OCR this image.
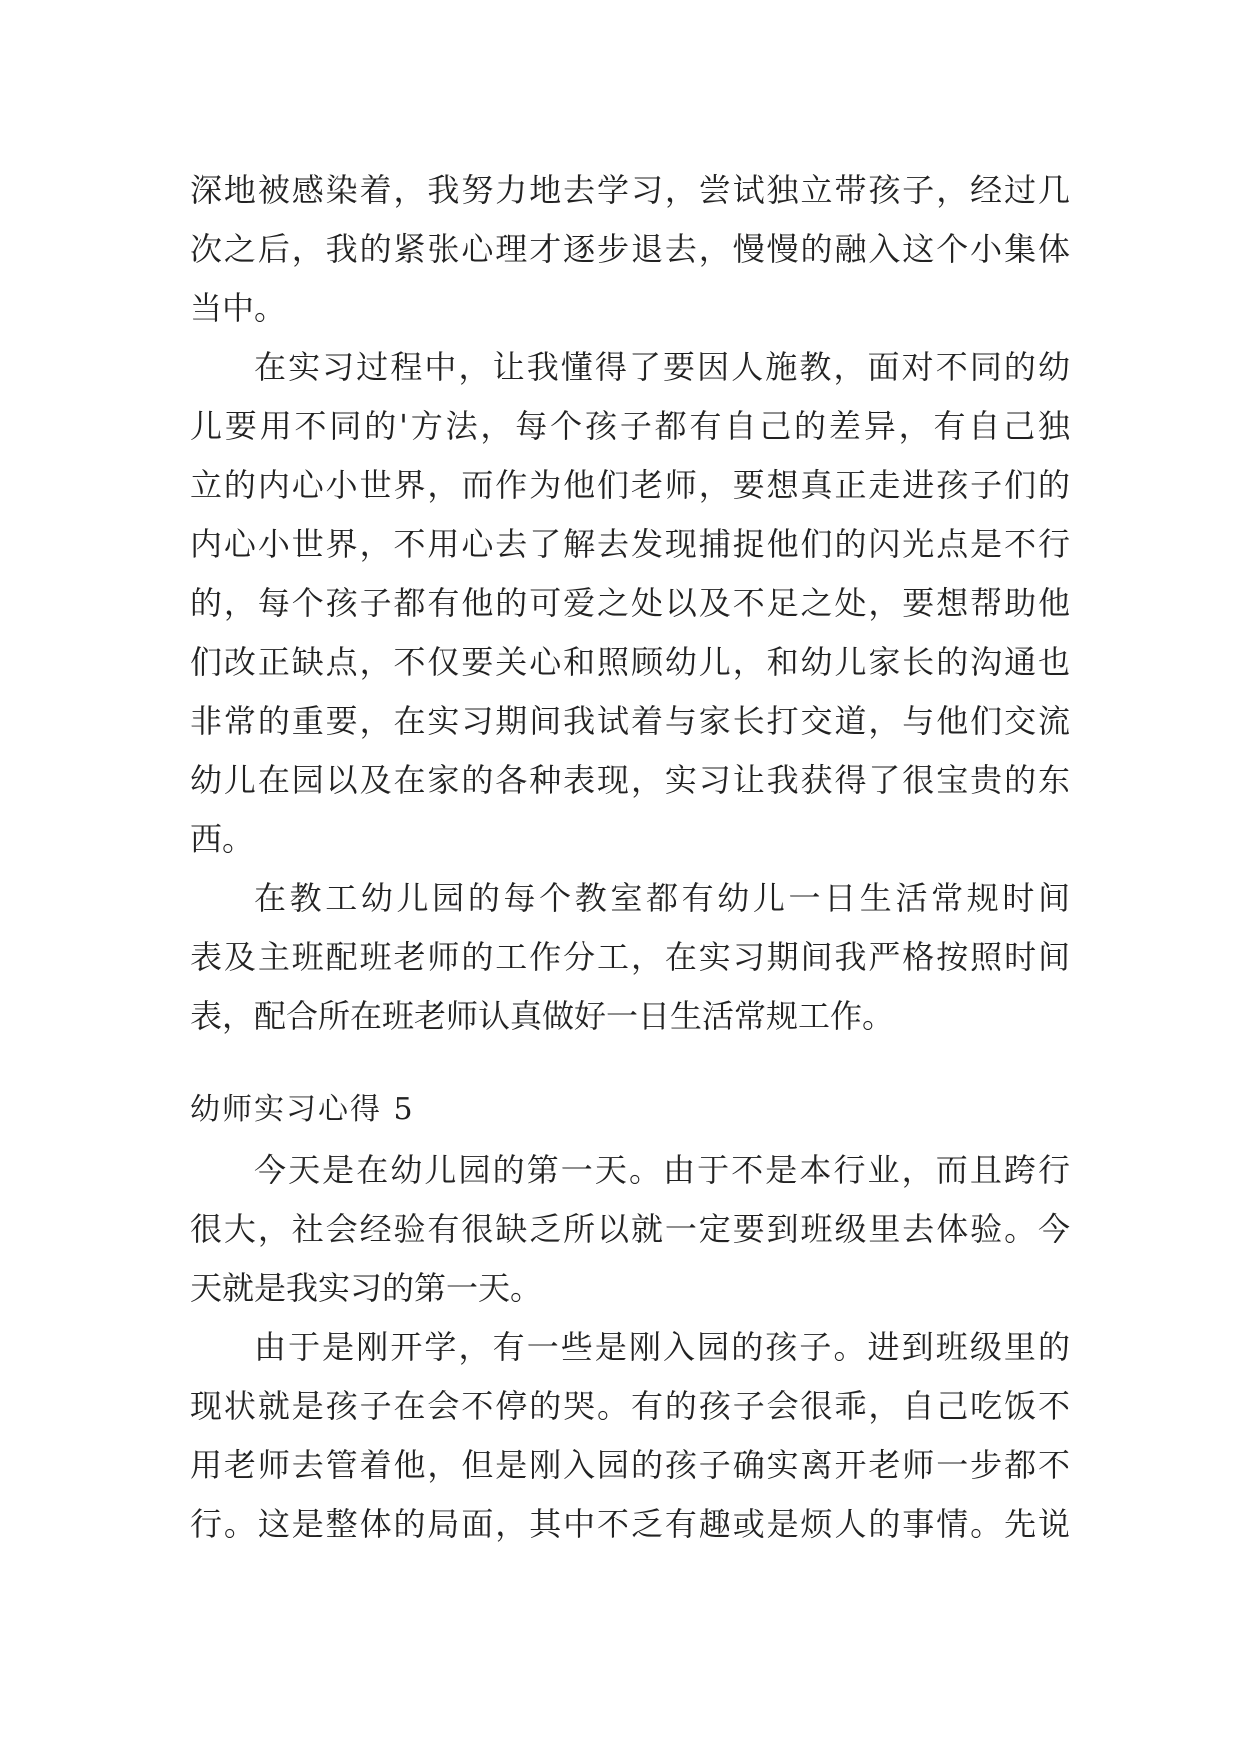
深地被感染着，我努力地去学习，尝试独立带孩子，经过几
次之后，我的紧张心理才逐步退去，慢慢的融入这个小集体
当中。
在实习过程中，让我懂得了要因人施教，面对不同的幼
儿要用不同的'方法，每个孩子都有自己的差异，有自己独
立的内心小世界，而作为他们老师，要想真正走进孩子们的
内心小世界，不用心去了解去发现捕捉他们的闪光点是不行
的，每个孩子都有他的可爱之处以及不足之处，要想帮助他
们改正缺点，不仅要关心和照顾幼儿，和幼儿家长的沟通也
非常的重要，在实习期间我试着与家长打交道，与他们交流
幼儿在园以及在家的各种表现，实习让我获得了很宝贵的东
西。
在教工幼儿园的每个教室都有幼儿一日生活常规时间
表及主班配班老师的工作分工，在实习期间我严格按照时间
表，配合所在班老师认真做好一日生活常规工作。
幼师实习心得 5
今天是在幼儿园的第一天。由于不是本行业，而且跨行
很大，社会经验有很缺乏所以就一定要到班级里去体验。今
天就是我实习的第一天。
由于是刚开学，有一些是刚入园的孩子。进到班级里的
现状就是孩子在会不停的哭。有的孩子会很乖，自己吃饭不
用老师去管着他，但是刚入园的孩子确实离开老师一步都不
行。这是整体的局面，其中不乏有趣或是烦人的事情。先说
